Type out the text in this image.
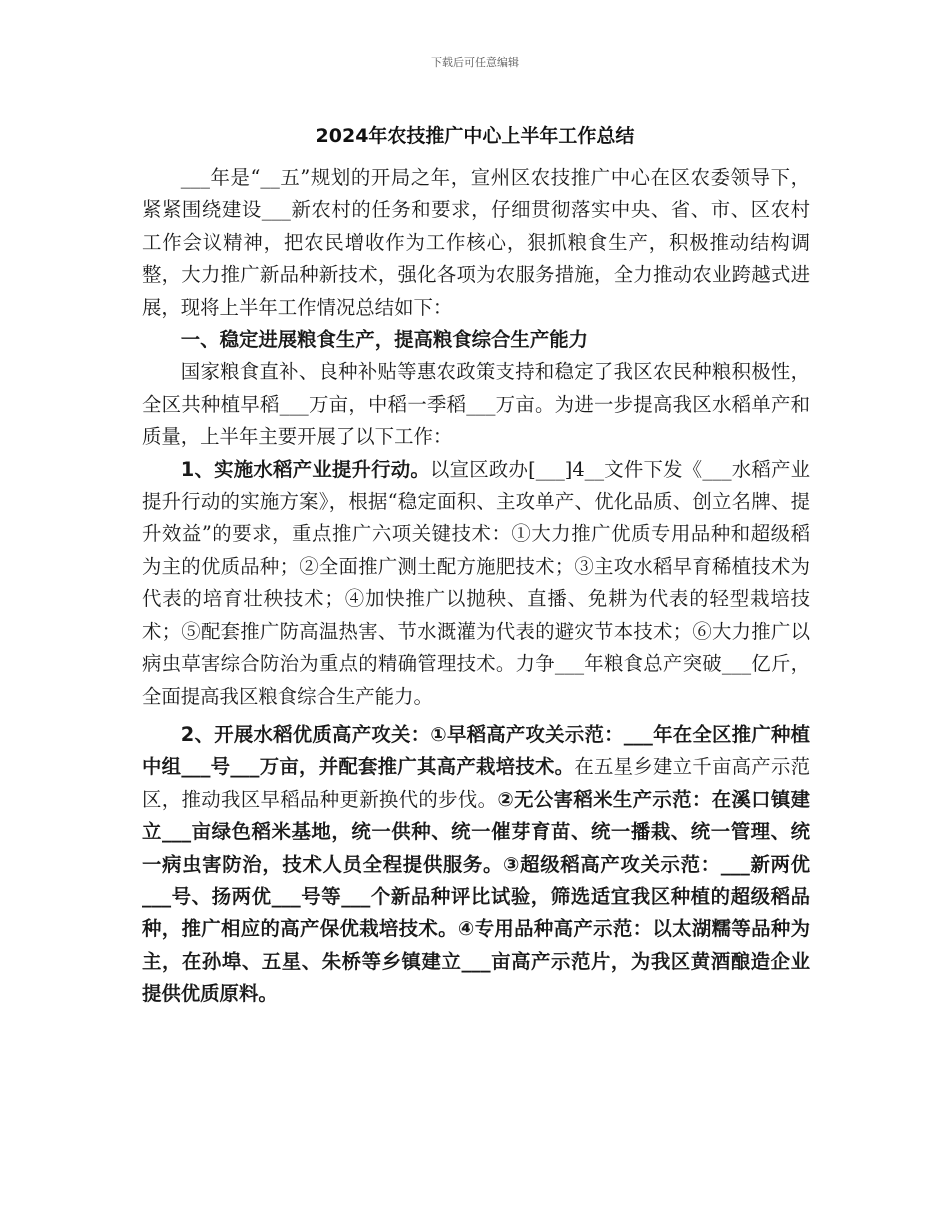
下载后可任意编辑
2024年农技推广中心上半年工作总结

___年是“__五”规划的开局之年，宣州区农技推广中心在区农委领导下，紧紧围绕建设___新农村的任务和要求，仔细贯彻落实中央、省、市、区农村工作会议精神，把农民增收作为工作核心，狠抓粮食生产，积极推动结构调整，大力推广新品种新技术，强化各项为农服务措施，全力推动农业跨越式进展，现将上半年工作情况总结如下：

一、稳定进展粮食生产，提高粮食综合生产能力

国家粮食直补、良种补贴等惠农政策支持和稳定了我区农民种粮积极性，全区共种植早稻___万亩，中稻一季稻___万亩。为进一步提高我区水稻单产和质量，上半年主要开展了以下工作：

1、实施水稻产业提升行动。以宣区政办[___]4__文件下发《___水稻产业提升行动的实施方案》，根据“稳定面积、主攻单产、优化品质、创立名牌、提升效益”的要求，重点推广六项关键技术：①大力推广优质专用品种和超级稻为主的优质品种；②全面推广测土配方施肥技术；③主攻水稻早育稀植技术为代表的培育壮秧技术；④加快推广以抛秧、直播、免耕为代表的轻型栽培技术；⑤配套推广防高温热害、节水溉灌为代表的避灾节本技术；⑥大力推广以病虫草害综合防治为重点的精确管理技术。力争___年粮食总产突破___亿斤，全面提高我区粮食综合生产能力。

2、开展水稻优质高产攻关：①早稻高产攻关示范：___年在全区推广种植中组___号___万亩，并配套推广其高产栽培技术。在五星乡建立千亩高产示范区，推动我区早稻品种更新换代的步伐。②无公害稻米生产示范：在溪口镇建立___亩绿色稻米基地，统一供种、统一催芽育苗、统一播栽、统一管理、统一病虫害防治，技术人员全程提供服务。③超级稻高产攻关示范：___新两优___号、扬两优___号等___个新品种评比试验，筛选适宜我区种植的超级稻品种，推广相应的高产保优栽培技术。④专用品种高产示范：以太湖糯等品种为主，在孙埠、五星、朱桥等乡镇建立___亩高产示范片，为我区黄酒酿造企业提供优质原料。
